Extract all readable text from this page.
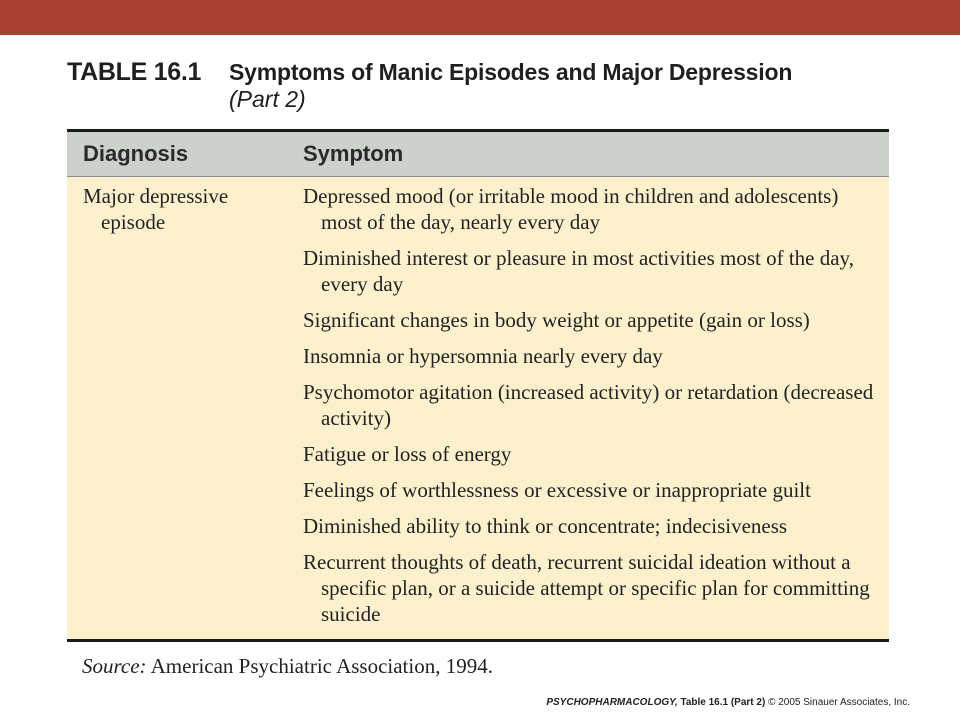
TABLE 16.1	Symptoms of Manic Episodes and Major Depression
(Part 2)
Diagnosis	Symptom
Major depressive episode
Depressed mood (or irritable mood in children and adolescents) most of the day, nearly every day
Diminished interest or pleasure in most activities most of the day, every day
Significant changes in body weight or appetite (gain or loss)
Insomnia or hypersomnia nearly every day
Psychomotor agitation (increased activity) or retardation (decreased activity)
Fatigue or loss of energy
Feelings of worthlessness or excessive or inappropriate guilt
Diminished ability to think or concentrate; indecisiveness
Recurrent thoughts of death, recurrent suicidal ideation without a specific plan, or a suicide attempt or specific plan for committing suicide
Source: American Psychiatric Association, 1994.
PSYCHOPHARMACOLOGY, Table 16.1 (Part 2) © 2005 Sinauer Associates, Inc.
